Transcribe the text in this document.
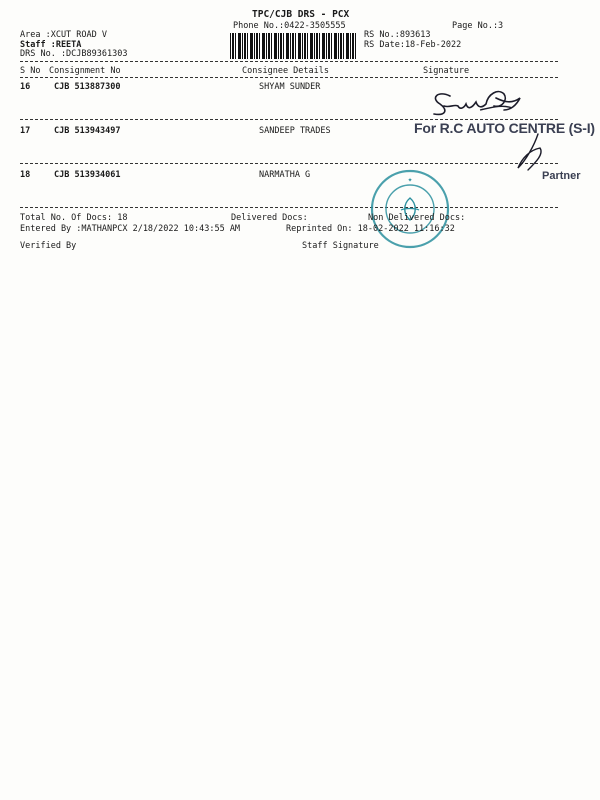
TPC/CJB DRS - PCX
Phone No.:0422-3505555	Page No.:3
Area :XCUT ROAD V
Staff :REETA
DRS No. :DCJB89361303
RS No.:893613
RS Date:18-Feb-2022
S No Consignment No	Consignee Details	Signature
16	CJB 513887300	SHYAM SUNDER
17	CJB 513943497	SANDEEP TRADES
18	CJB 513934061	NARMATHA G
For R.C AUTO CENTRE (S-I)
Partner
✦
Total No. Of Docs: 18	Delivered Docs:	Non Delivered Docs:
Entered By :MATHANPCX 2/18/2022 10:43:55 AM	Reprinted On: 18-02-2022 11:16:32
Verified By	Staff Signature
